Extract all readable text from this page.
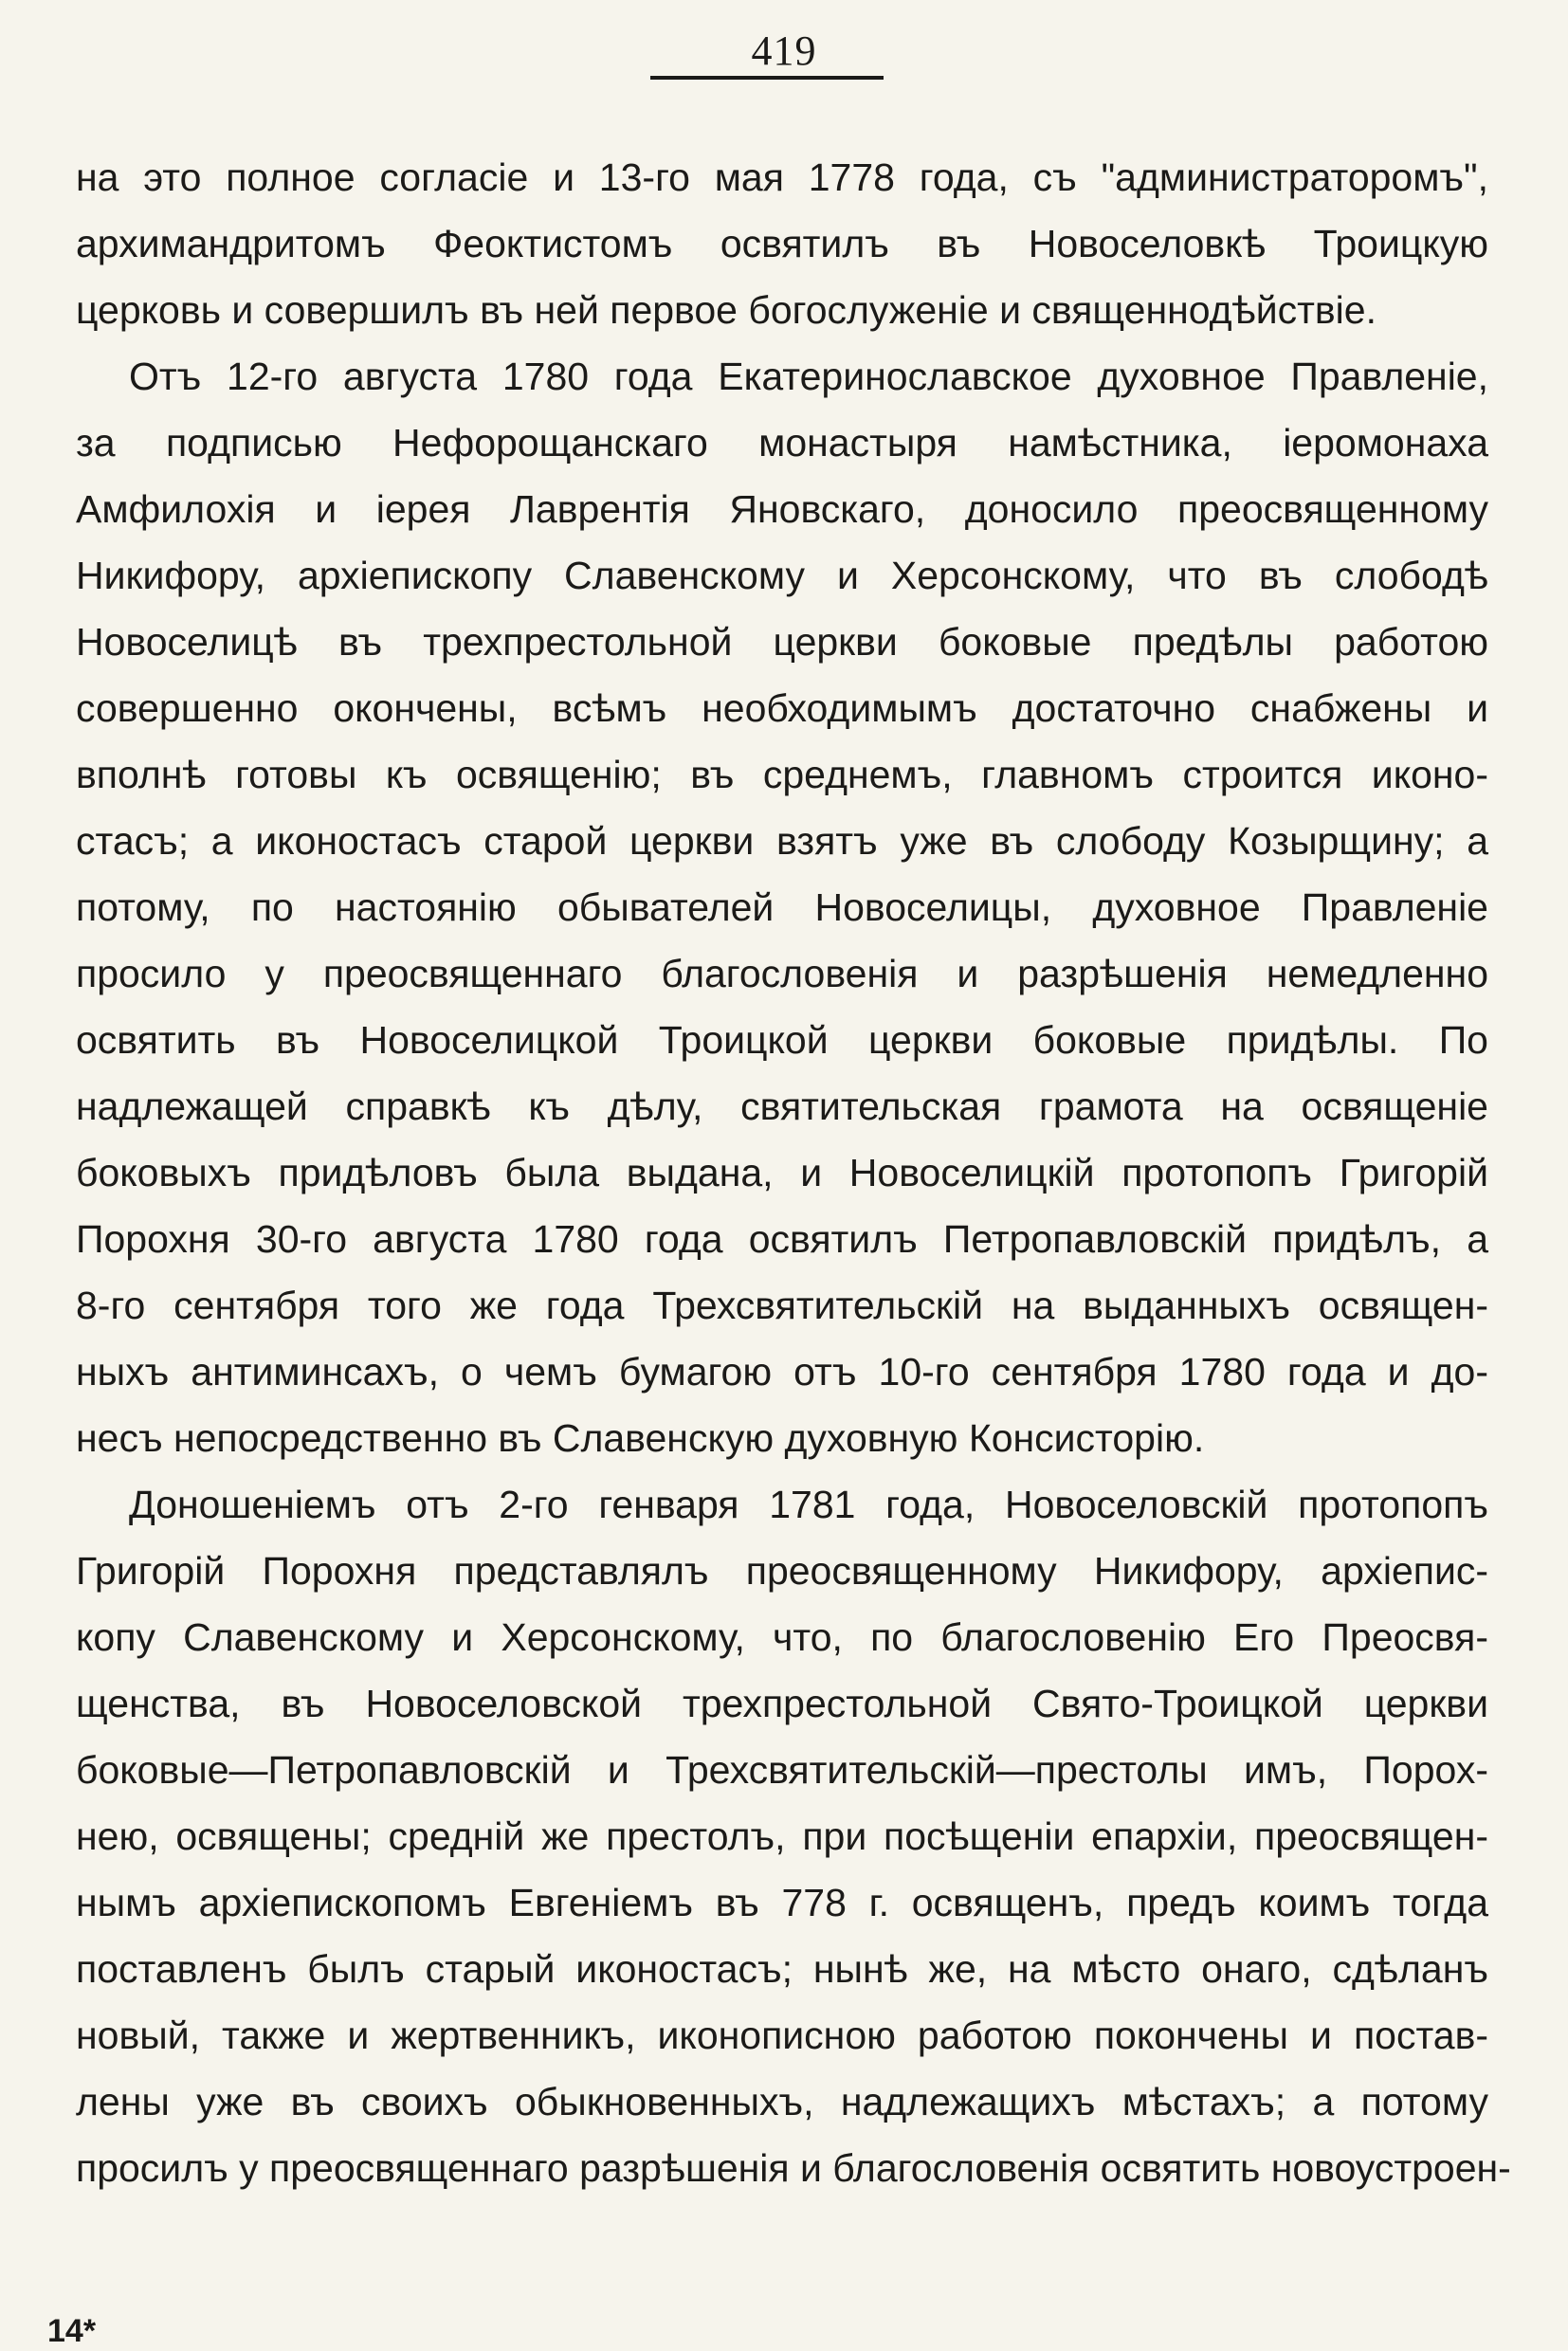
419
на это полное согласіе и 13-го мая 1778 года, съ "администраторомъ",
архимандритомъ Феоктистомъ освятилъ въ Новоселовкѣ Троицкую
церковь и совершилъ въ ней первое богослуженіе и священнодѣйствіе.
Отъ 12-го августа 1780 года Екатеринославское духовное Правленіе,
за подписью Нефорощанскаго монастыря намѣстника, іеромонаха
Амфилохія и іерея Лаврентія Яновскаго, доносило преосвященному
Никифору, архіепископу Славенскому и Херсонскому, что въ слободѣ
Новоселицѣ въ трехпрестольной церкви боковые предѣлы работою
совершенно окончены, всѣмъ необходимымъ достаточно снабжены и
вполнѣ готовы къ освященію; въ среднемъ, главномъ строится иконо-
стасъ; а иконостасъ старой церкви взятъ уже въ слободу Козырщину; а
потому, по настоянію обывателей Новоселицы, духовное Правленіе
просило у преосвященнаго благословенія и разрѣшенія немедленно
освятить въ Новоселицкой Троицкой церкви боковые придѣлы. По
надлежащей справкѣ къ дѣлу, святительская грамота на освященіе
боковыхъ придѣловъ была выдана, и Новоселицкій протопопъ Григорій
Порохня 30-го августа 1780 года освятилъ Петропавловскій придѣлъ, а
8-го сентября того же года Трехсвятительскій на выданныхъ освящен-
ныхъ антиминсахъ, о чемъ бумагою отъ 10-го сентября 1780 года и до-
несъ непосредственно въ Славенскую духовную Консисторію.
Доношеніемъ отъ 2-го генваря 1781 года, Новоселовскій протопопъ
Григорій Порохня представлялъ преосвященному Никифору, архіепис-
копу Славенскому и Херсонскому, что, по благословенію Его Преосвя-
щенства, въ Новоселовской трехпрестольной Свято-Троицкой церкви
боковые—Петропавловскій и Трехсвятительскій—престолы имъ, Порох-
нею, освящены; средній же престолъ, при посѣщеніи епархіи, преосвящен-
нымъ архіепископомъ Евгеніемъ въ 778 г. освященъ, предъ коимъ тогда
поставленъ былъ старый иконостасъ; нынѣ же, на мѣсто онаго, сдѣланъ
новый, также и жертвенникъ, иконописною работою покончены и постав-
лены уже въ своихъ обыкновенныхъ, надлежащихъ мѣстахъ; а потому
просилъ у преосвященнаго разрѣшенія и благословенія освятить новоустроен-
14*
